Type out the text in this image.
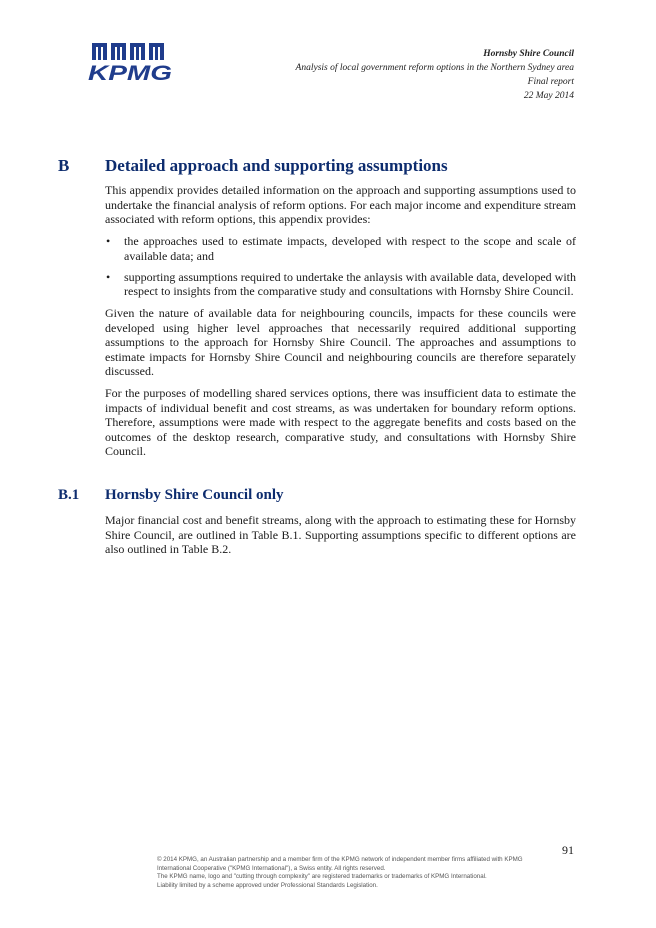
KPMG
Hornsby Shire Council
Analysis of local government reform options in the Northern Sydney area
Final report
22 May 2014
B Detailed approach and supporting assumptions

This appendix provides detailed information on the approach and supporting assumptions used to undertake the financial analysis of reform options. For each major income and expenditure stream associated with reform options, this appendix provides:

• the approaches used to estimate impacts, developed with respect to the scope and scale of available data; and
• supporting assumptions required to undertake the anlaysis with available data, developed with respect to insights from the comparative study and consultations with Hornsby Shire Council.

Given the nature of available data for neighbouring councils, impacts for these councils were developed using higher level approaches that necessarily required additional supporting assumptions to the approach for Hornsby Shire Council. The approaches and assumptions to estimate impacts for Hornsby Shire Council and neighbouring councils are therefore separately discussed.

For the purposes of modelling shared services options, there was insufficient data to estimate the impacts of individual benefit and cost streams, as was undertaken for boundary reform options. Therefore, assumptions were made with respect to the aggregate benefits and costs based on the outcomes of the desktop research, comparative study, and consultations with Hornsby Shire Council.

B.1 Hornsby Shire Council only

Major financial cost and benefit streams, along with the approach to estimating these for Hornsby Shire Council, are outlined in Table B.1. Supporting assumptions specific to different options are also outlined in Table B.2.

91

© 2014 KPMG, an Australian partnership and a member firm of the KPMG network of independent member firms affiliated with KPMG International Cooperative ("KPMG International"), a Swiss entity. All rights reserved.

The KPMG name, logo and "cutting through complexity" are registered trademarks or trademarks of KPMG International.

Liability limited by a scheme approved under Professional Standards Legislation.
